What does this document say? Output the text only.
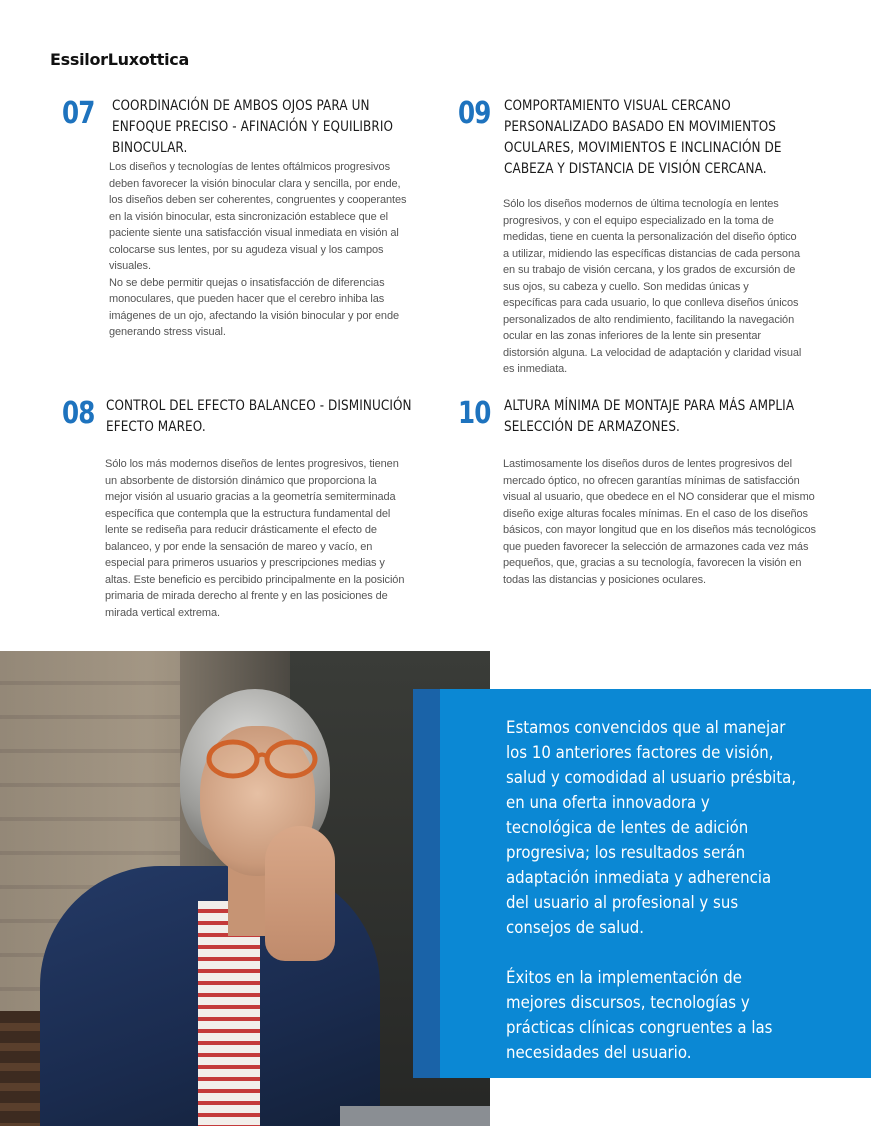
EssilorLuxottica
07 COORDINACIÓN DE AMBOS OJOS PARA UN ENFOQUE PRECISO - AFINACIÓN Y EQUILIBRIO BINOCULAR.

Los diseños y tecnologías de lentes oftálmicos progresivos deben favorecer la visión binocular clara y sencilla, por ende, los diseños deben ser coherentes, congruentes y cooperantes en la visión binocular, esta sincronización establece que el paciente siente una satisfacción visual inmediata en visión al colocarse sus lentes, por su agudeza visual y los campos visuales.

No se debe permitir quejas o insatisfacción de diferencias monoculares, que pueden hacer que el cerebro inhiba las imágenes de un ojo, afectando la visión binocular y por ende generando stress visual.

09 COMPORTAMIENTO VISUAL CERCANO PERSONALIZADO BASADO EN MOVIMIENTOS OCULARES, MOVIMIENTOS E INCLINACIÓN DE CABEZA Y DISTANCIA DE VISIÓN CERCANA.

Sólo los diseños modernos de última tecnología en lentes progresivos, y con el equipo especializado en la toma de medidas, tiene en cuenta la personalización del diseño óptico a utilizar, midiendo las específicas distancias de cada persona en su trabajo de visión cercana, y los grados de excursión de sus ojos, su cabeza y cuello. Son medidas únicas y específicas para cada usuario, lo que conlleva diseños únicos personalizados de alto rendimiento, facilitando la navegación ocular en las zonas inferiores de la lente sin presentar distorsión alguna. La velocidad de adaptación y claridad visual es inmediata.

08 CONTROL DEL EFECTO BALANCEO - DISMINUCIÓN EFECTO MAREO.

Sólo los más modernos diseños de lentes progresivos, tienen un absorbente de distorsión dinámico que proporciona la mejor visión al usuario gracias a la geometría semiterminada específica que contempla que la estructura fundamental del lente se rediseña para reducir drásticamente el efecto de balanceo, y por ende la sensación de mareo y vacío, en especial para primeros usuarios y prescripciones medias y altas. Este beneficio es percibido principalmente en la posición primaria de mirada derecho al frente y en las posiciones de mirada vertical extrema.

10 ALTURA MÍNIMA DE MONTAJE PARA MÁS AMPLIA SELECCIÓN DE ARMAZONES.

Lastimosamente los diseños duros de lentes progresivos del mercado óptico, no ofrecen garantías mínimas de satisfacción visual al usuario, que obedece en el NO considerar que el mismo diseño exige alturas focales mínimas. En el caso de los diseños básicos, con mayor longitud que en los diseños más tecnológicos que pueden favorecer la selección de armazones cada vez más pequeños, que, gracias a su tecnología, favorecen la visión en todas las distancias y posiciones oculares.

Estamos convencidos que al manejar los 10 anteriores factores de visión, salud y comodidad al usuario présbita, en una oferta innovadora y tecnológica de lentes de adición progresiva; los resultados serán adaptación inmediata y adherencia del usuario al profesional y sus consejos de salud.

Éxitos en la implementación de mejores discursos, tecnologías y prácticas clínicas congruentes a las necesidades del usuario.
